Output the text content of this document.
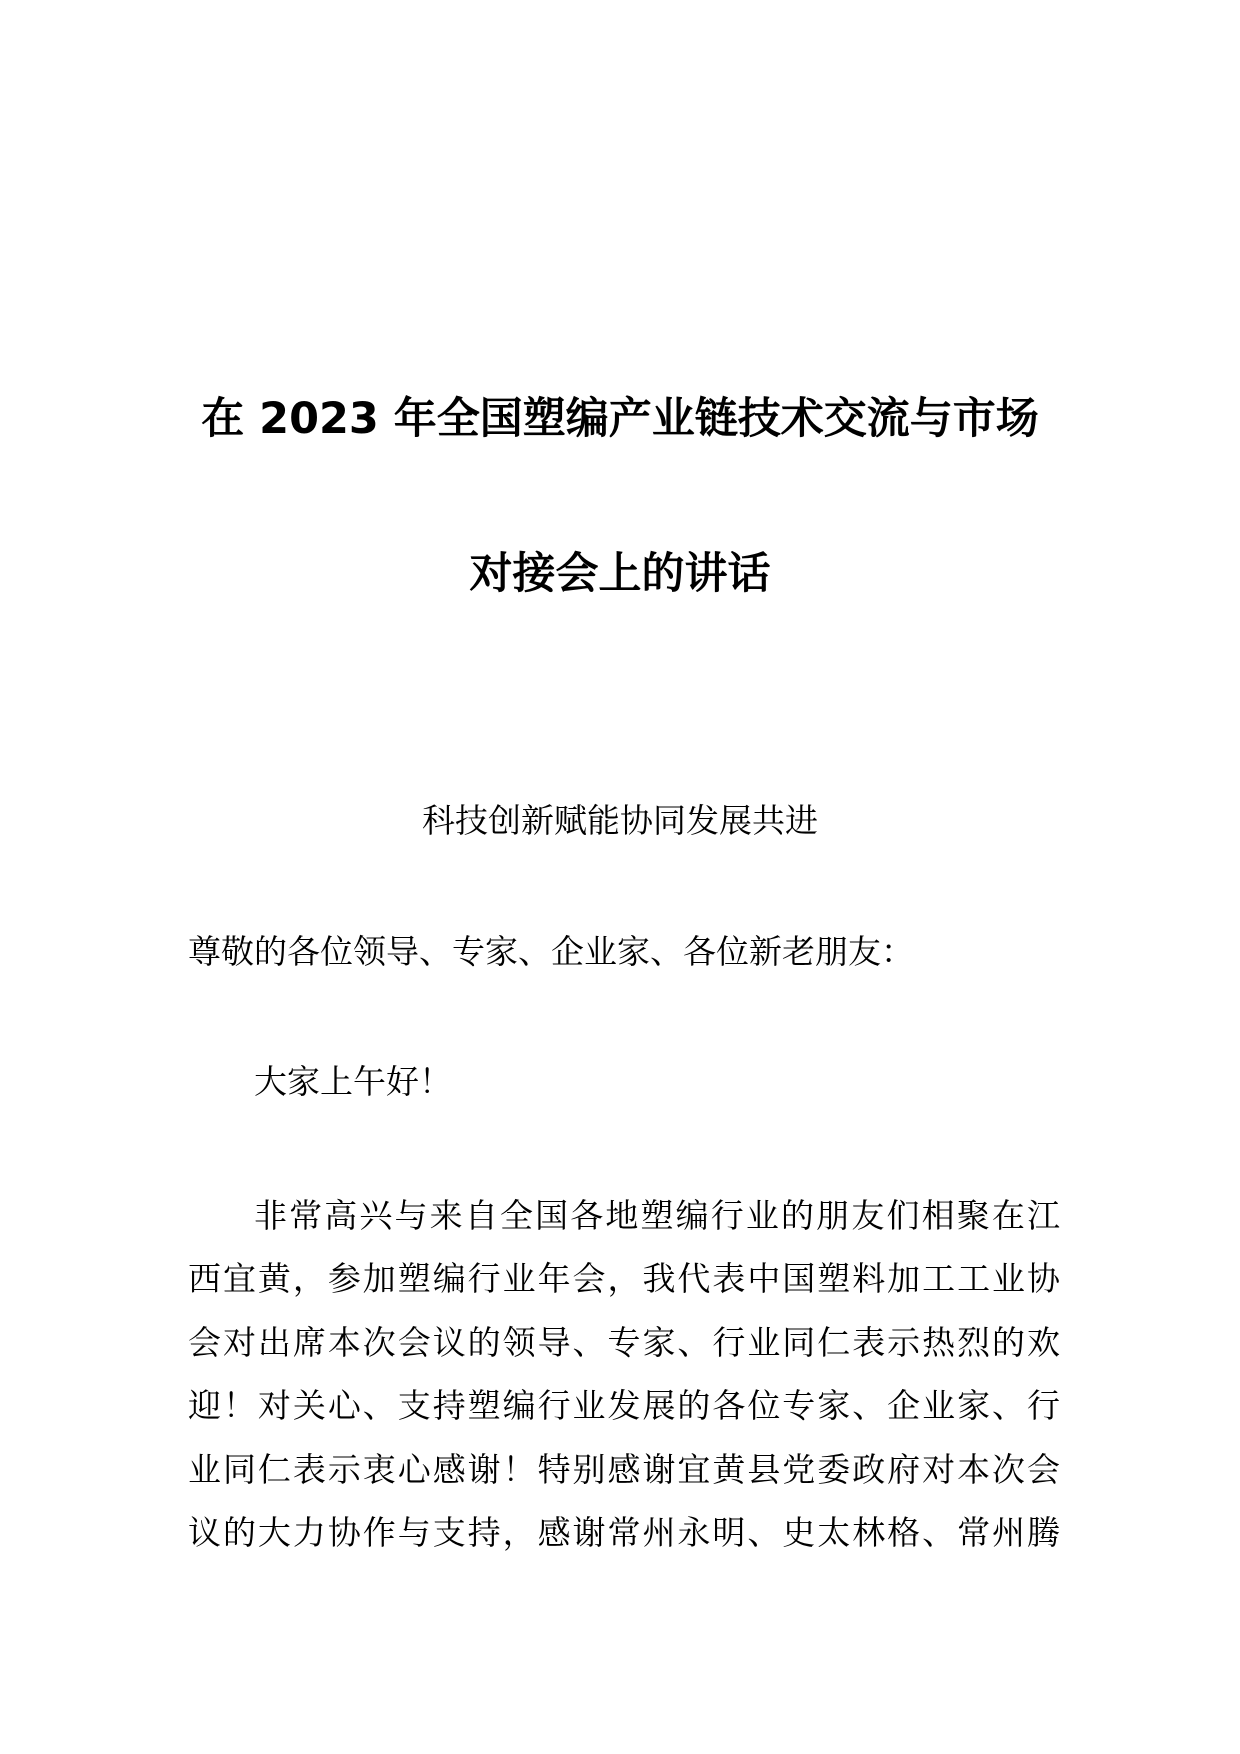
在 2023 年全国塑编产业链技术交流与市场
对接会上的讲话
科技创新赋能协同发展共进
尊敬的各位领导、专家、企业家、各位新老朋友：
大家上午好！
非常高兴与来自全国各地塑编行业的朋友们相聚在江
西宜黄，参加塑编行业年会，我代表中国塑料加工工业协
会对出席本次会议的领导、专家、行业同仁表示热烈的欢
迎！对关心、支持塑编行业发展的各位专家、企业家、行
业同仁表示衷心感谢！特别感谢宜黄县党委政府对本次会
议的大力协作与支持，感谢常州永明、史太林格、常州腾
